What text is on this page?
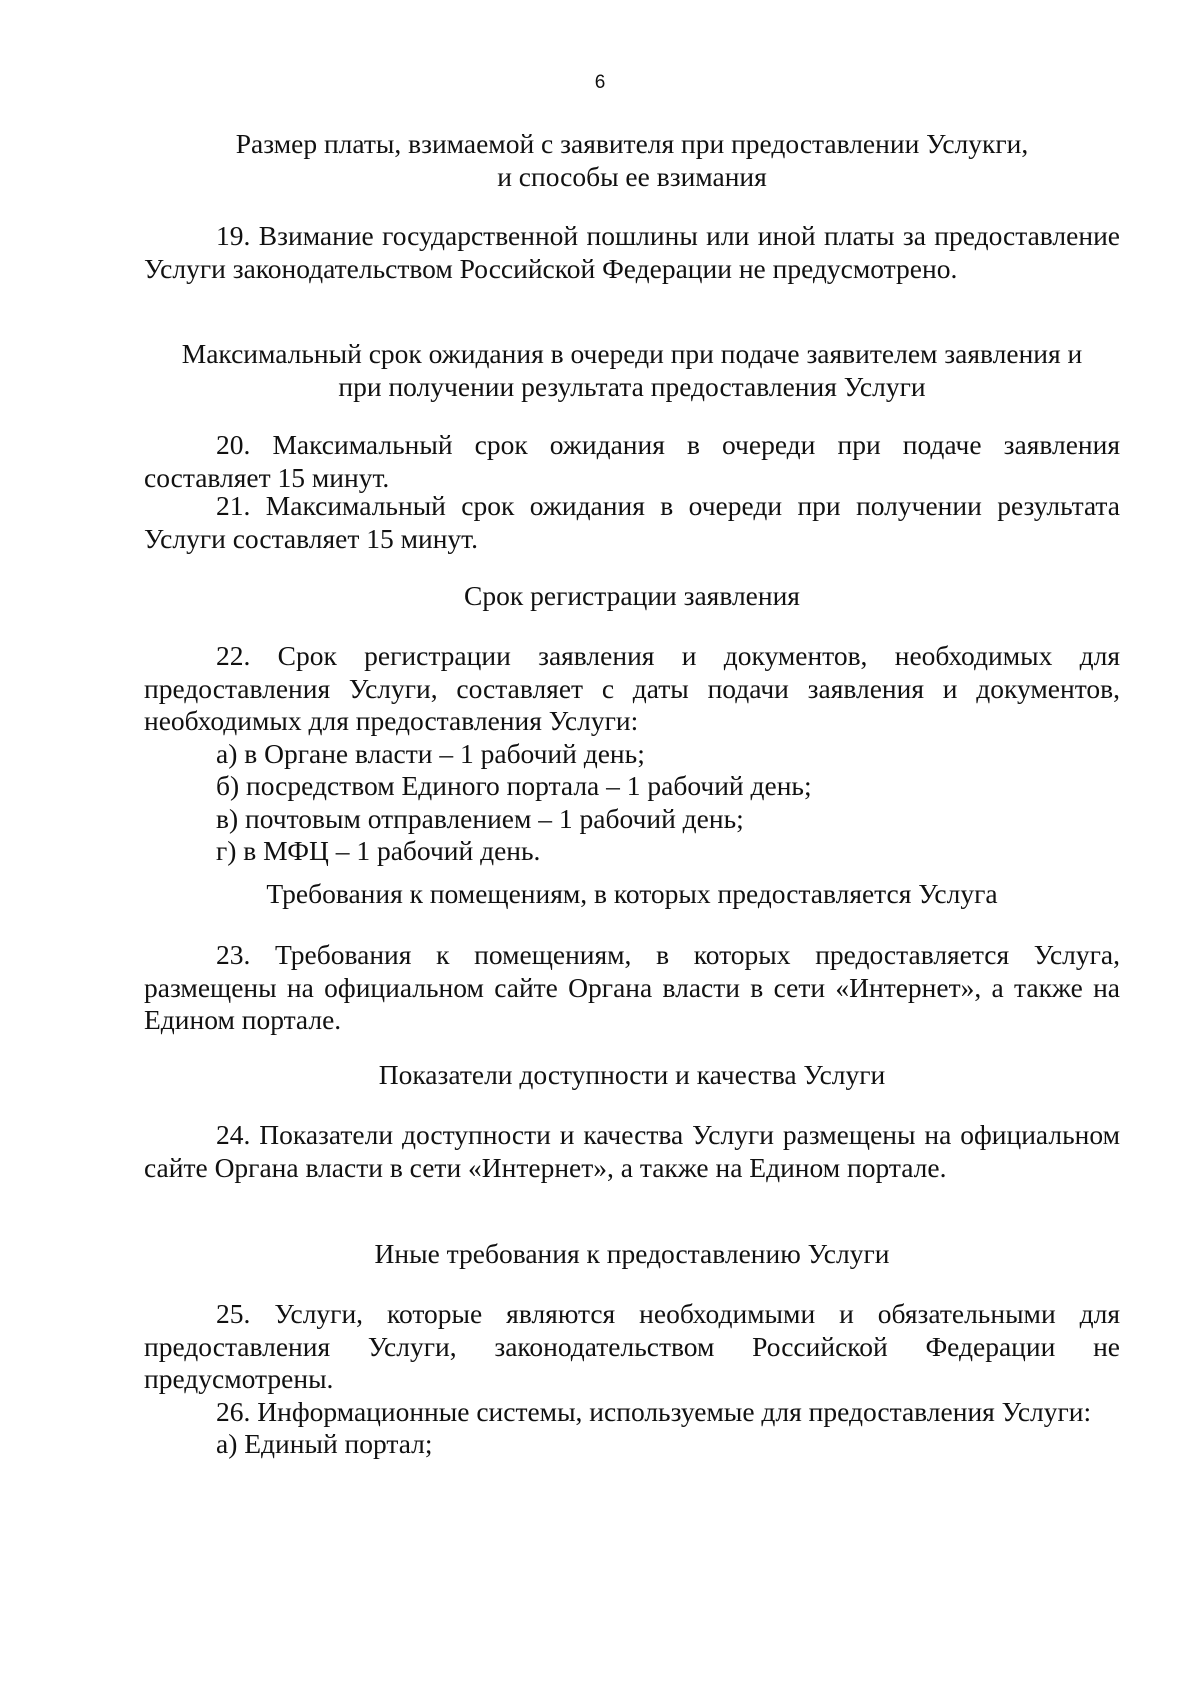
6

Размер платы, взимаемой с заявителя при предоставлении Услукги,

и способы ее взимания

19. Взимание государственной пошлины или иной платы за предоставление Услуги законодательством Российской Федерации не предусмотрено.

Максимальный срок ожидания в очереди при подаче заявителем заявления и

при получении результата предоставления Услуги

20. Максимальный срок ожидания в очереди при подаче заявления составляет 15 минут.

21. Максимальный срок ожидания в очереди при получении результата Услуги составляет 15 минут.

Срок регистрации заявления

22. Срок регистрации заявления и документов, необходимых для предоставления Услуги, составляет с даты подачи заявления и документов, необходимых для предоставления Услуги:

а) в Органе власти – 1 рабочий день;

б) посредством Единого портала – 1 рабочий день;

в) почтовым отправлением – 1 рабочий день;

г) в МФЦ – 1 рабочий день.

Требования к помещениям, в которых предоставляется Услуга

23. Требования к помещениям, в которых предоставляется Услуга, размещены на официальном сайте Органа власти в сети «Интернет», а также на Едином портале.

Показатели доступности и качества Услуги

24. Показатели доступности и качества Услуги размещены на официальном сайте Органа власти в сети «Интернет», а также на Едином портале.

Иные требования к предоставлению Услуги

25. Услуги, которые являются необходимыми и обязательными для предоставления Услуги, законодательством Российской Федерации не предусмотрены.

26. Информационные системы, используемые для предоставления Услуги:

а) Единый портал;
